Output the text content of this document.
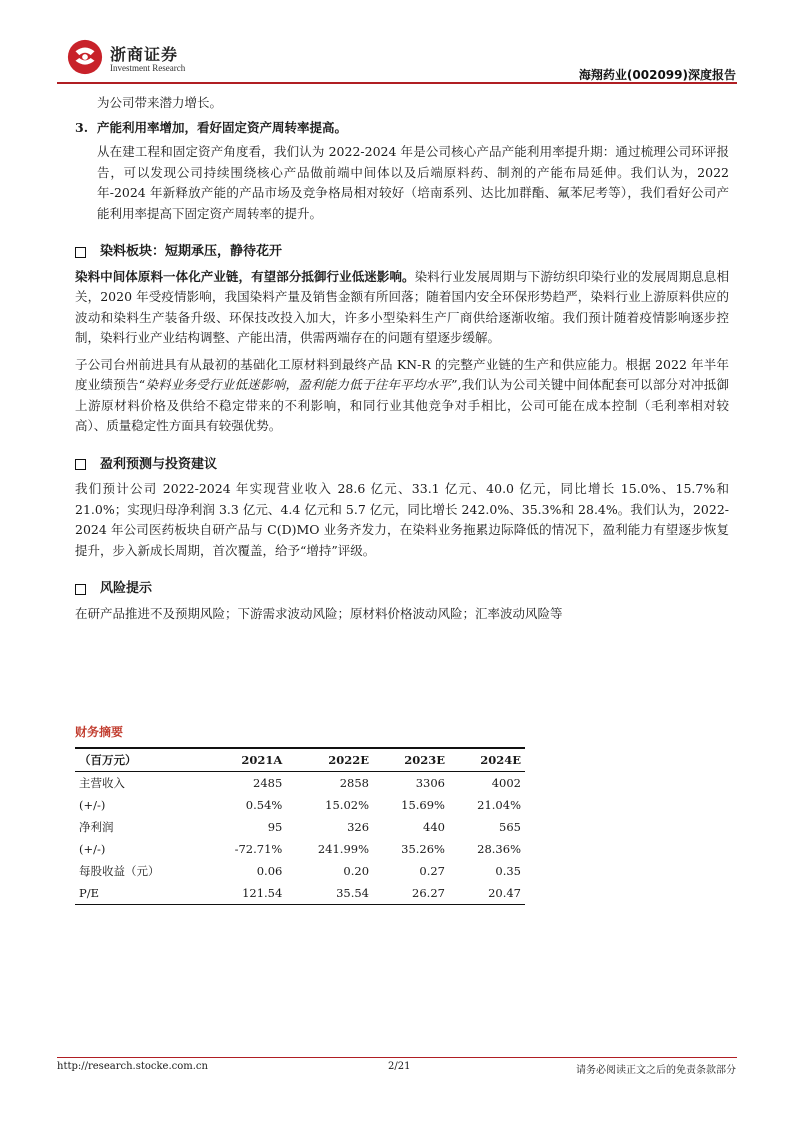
浙商证券
Investment Research	海翔药业(002099)深度报告

为公司带来潜力增长。

3. 产能利用率增加，看好固定资产周转率提高。

从在建工程和固定资产角度看，我们认为 2022-2024 年是公司核心产品产能利用率提升期：通过梳理公司环评报告，可以发现公司持续围绕核心产品做前端中间体以及后端原料药、制剂的产能布局延伸。我们认为，2022 年-2024 年新释放产能的产品市场及竞争格局相对较好（培南系列、达比加群酯、氟苯尼考等），我们看好公司产能利用率提高下固定资产周转率的提升。

染料板块：短期承压，静待花开

染料中间体原料一体化产业链，有望部分抵御行业低迷影响。染料行业发展周期与下游纺织印染行业的发展周期息息相关，2020 年受疫情影响，我国染料产量及销售金额有所回落；随着国内安全环保形势趋严，染料行业上游原料供应的波动和染料生产装备升级、环保技改投入加大，许多小型染料生产厂商供给逐渐收缩。我们预计随着疫情影响逐步控制，染料行业产业结构调整、产能出清，供需两端存在的问题有望逐步缓解。

子公司台州前进具有从最初的基础化工原材料到最终产品 KN-R 的完整产业链的生产和供应能力。根据 2022 年半年度业绩预告“染料业务受行业低迷影响，盈利能力低于往年平均水平”,我们认为公司关键中间体配套可以部分对冲抵御上游原材料价格及供给不稳定带来的不利影响，和同行业其他竞争对手相比，公司可能在成本控制（毛利率相对较高）、质量稳定性方面具有较强优势。

盈利预测与投资建议

我们预计公司 2022-2024 年实现营业收入 28.6 亿元、33.1 亿元、40.0 亿元，同比增长 15.0%、15.7%和 21.0%；实现归母净利润 3.3 亿元、4.4 亿元和 5.7 亿元，同比增长 242.0%、35.3%和 28.4%。我们认为，2022-2024 年公司医药板块自研产品与 C(D)MO 业务齐发力，在染料业务拖累边际降低的情况下，盈利能力有望逐步恢复提升，步入新成长周期，首次覆盖，给予“增持”评级。

风险提示

在研产品推进不及预期风险；下游需求波动风险；原材料价格波动风险；汇率波动风险等

财务摘要
（百万元）	2021A	2022E	2023E	2024E
主营收入	2485	2858	3306	4002
(+/-)	0.54%	15.02%	15.69%	21.04%
净利润	95	326	440	565
(+/-)	-72.71%	241.99%	35.26%	28.36%
每股收益（元）	0.06	0.20	0.27	0.35
P/E	121.54	35.54	26.27	20.47
http://research.stocke.com.cn	2/21	请务必阅读正文之后的免责条款部分
